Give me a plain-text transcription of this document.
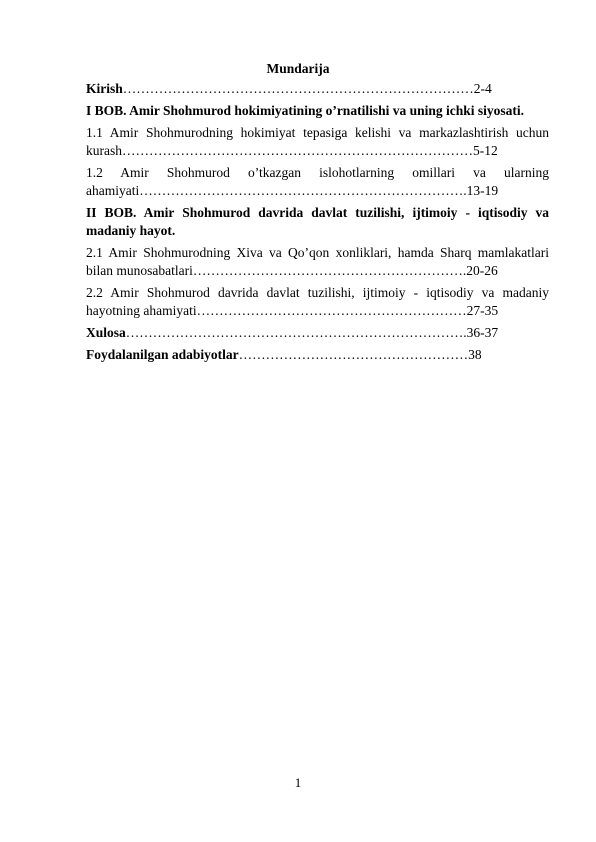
Mundarija
Kirish……………………………………………………………………2-4
I BOB. Amir Shohmurod hokimiyatining o’rnatilishi va uning ichki siyosati.
1.1 Amir Shohmurodning hokimiyat tepasiga kelishi va markazlashtirish uchun kurash……………………………………………………………………5-12
1.2 Amir Shohmurod o’tkazgan islohotlarning omillari va ularning ahamiyati……………………………………………………………….13-19
II BOB. Amir Shohmurod davrida davlat tuzilishi, ijtimoiy - iqtisodiy va madaniy hayot.
2.1 Amir Shohmurodning Xiva va Qo’qon xonliklari, hamda Sharq mamlakatlari bilan munosabatlari…………………………………………………….20-26
2.2 Amir Shohmurod davrida davlat tuzilishi, ijtimoiy - iqtisodiy va madaniy hayotning ahamiyati……………………………………………………27-35
Xulosa………………………………………………………………….36-37
Foydalanilgan adabiyotlar……………………………………………38
1
